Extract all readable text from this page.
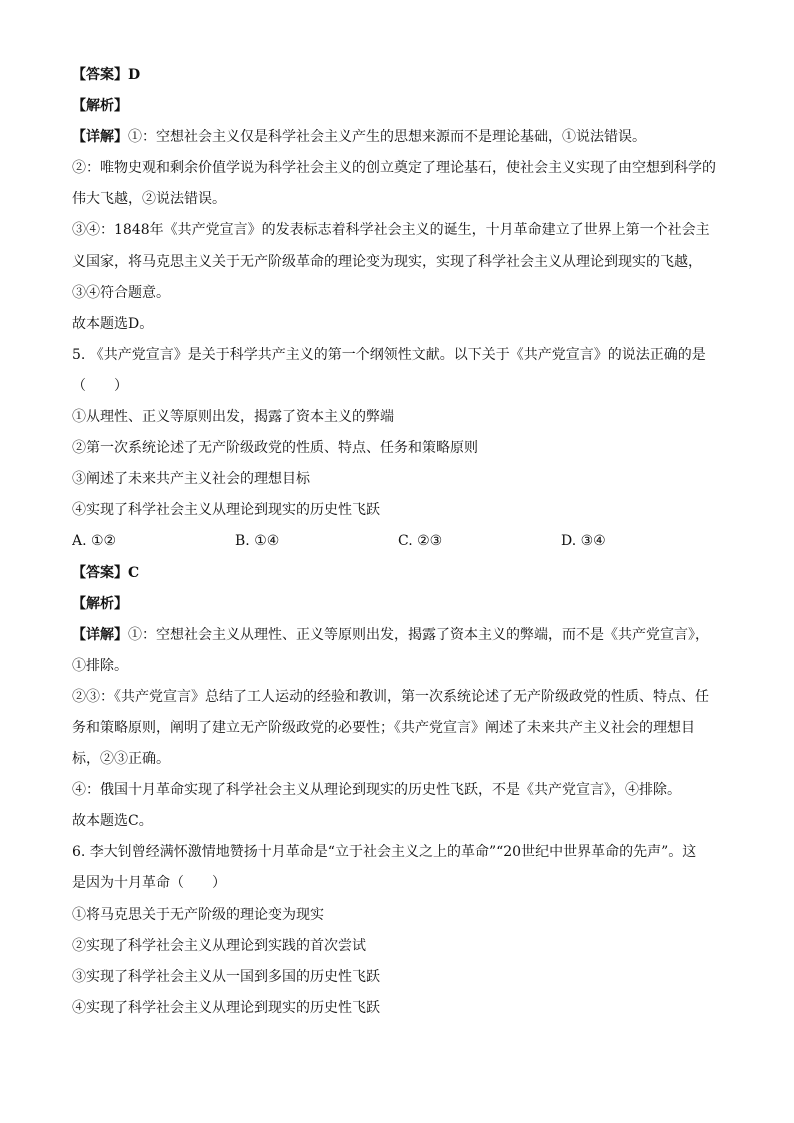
【答案】D
【解析】
【详解】①：空想社会主义仅是科学社会主义产生的思想来源而不是理论基础，①说法错误。
②：唯物史观和剩余价值学说为科学社会主义的创立奠定了理论基石，使社会主义实现了由空想到科学的
伟大飞越，②说法错误。
③④：1848年《共产党宣言》的发表标志着科学社会主义的诞生，十月革命建立了世界上第一个社会主
义国家，将马克思主义关于无产阶级革命的理论变为现实，实现了科学社会主义从理论到现实的飞越，
③④符合题意。
故本题选D。
5. 《共产党宣言》是关于科学共产主义的第一个纲领性文献。以下关于《共产党宣言》的说法正确的是
（　　）
①从理性、正义等原则出发，揭露了资本主义的弊端
②第一次系统论述了无产阶级政党的性质、特点、任务和策略原则
③阐述了未来共产主义社会的理想目标
④实现了科学社会主义从理论到现实的历史性飞跃
A. ①②	B. ①④	C. ②③	D. ③④
【答案】C
【解析】
【详解】①：空想社会主义从理性、正义等原则出发，揭露了资本主义的弊端，而不是《共产党宣言》，
①排除。
②③：《共产党宣言》总结了工人运动的经验和教训，第一次系统论述了无产阶级政党的性质、特点、任
务和策略原则，阐明了建立无产阶级政党的必要性；《共产党宣言》阐述了未来共产主义社会的理想目
标，②③正确。
④：俄国十月革命实现了科学社会主义从理论到现实的历史性飞跃，不是《共产党宣言》，④排除。
故本题选C。
6. 李大钊曾经满怀激情地赞扬十月革命是“立于社会主义之上的革命”“20世纪中世界革命的先声”。这
是因为十月革命（　　）
①将马克思关于无产阶级的理论变为现实
②实现了科学社会主义从理论到实践的首次尝试
③实现了科学社会主义从一国到多国的历史性飞跃
④实现了科学社会主义从理论到现实的历史性飞跃
